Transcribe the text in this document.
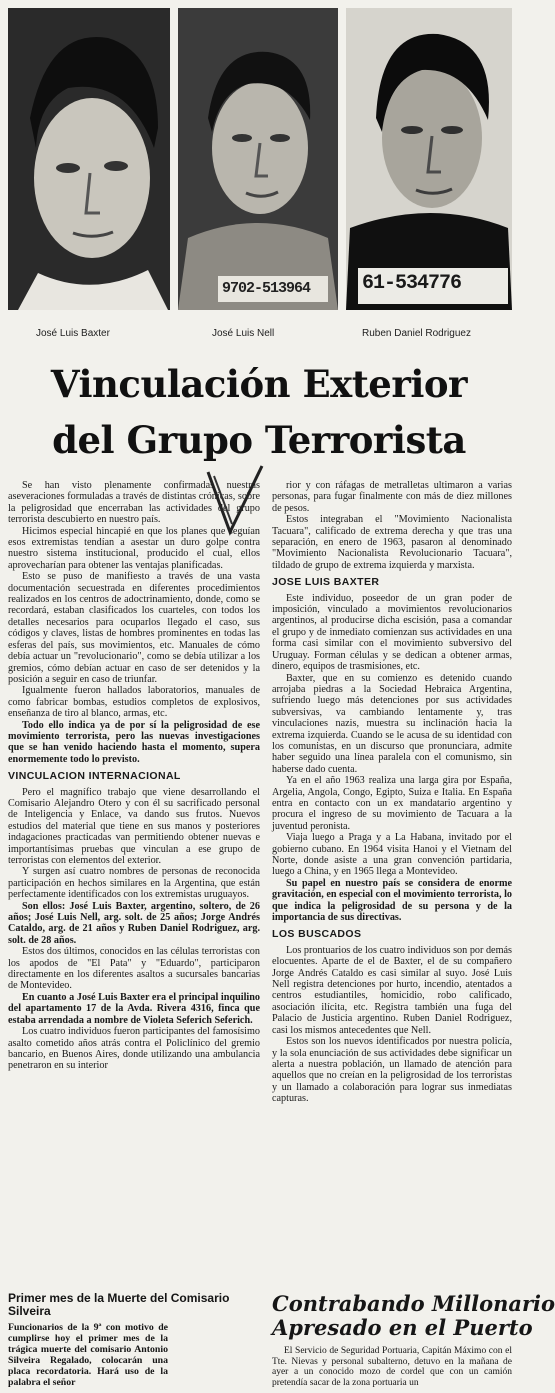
9702-513964	61-534776
José Luis Baxter	José Luis Nell	Ruben Daniel Rodriguez
Vinculación Exterior
del Grupo Terrorista

Se han visto plenamente confirmadas nuestras aseveraciones formuladas a través de distintas crónicas, sobre la peligrosidad que encerraban las actividades del grupo terrorista descubierto en nuestro país.

Hicimos especial hincapié en que los planes que seguían esos extremistas tendían a asestar un duro golpe contra nuestro sistema institucional, producido el cual, ellos aprovecharían para obtener las ventajas planificadas.

Esto se puso de manifiesto a través de una vasta documentación secuestrada en diferentes procedimientos realizados en los centros de adoctrinamiento, donde, como se recordará, estaban clasificados los cuarteles, con todos los detalles necesarios para ocuparlos llegado el caso, sus códigos y claves, listas de hombres prominentes en todas las esferas del país, sus movimientos, etc. Manuales de cómo debía actuar un "revolucionario", como se debía utilizar a los gremios, cómo debían actuar en caso de ser detenidos y la posición a seguir en caso de triunfar.

Igualmente fueron hallados laboratorios, manuales de como fabricar bombas, estudios completos de explosivos, enseñanza de tiro al blanco, armas, etc.

Todo ello indica ya de por sí la peligrosidad de ese movimiento terrorista, pero las nuevas investigaciones que se han venido haciendo hasta el momento, supera enormemente todo lo previsto.

VINCULACION INTERNACIONAL

Pero el magnífico trabajo que viene desarrollando el Comisario Alejandro Otero y con él su sacrificado personal de Inteligencia y Enlace, va dando sus frutos. Nuevos estudios del material que tiene en sus manos y posteriores indagaciones practicadas van permitiendo obtener nuevas e importantísimas pruebas que vinculan a ese grupo de terroristas con elementos del exterior.

Y surgen así cuatro nombres de personas de reconocida participación en hechos similares en la Argentina, que están perfectamente identificados con los extremistas uruguayos.

Son ellos: José Luis Baxter, argentino, soltero, de 26 años; José Luis Nell, arg. solt. de 25 años; Jorge Andrés Cataldo, arg. de 21 años y Ruben Daniel Rodriguez, arg. solt. de 28 años.

Estos dos últimos, conocidos en las células terroristas con los apodos de "El Pata" y "Eduardo", participaron directamente en los diferentes asaltos a sucursales bancarias de Montevideo.

En cuanto a José Luis Baxter era el principal inquilino del apartamento 17 de la Avda. Rivera 4316, finca que estaba arrendada a nombre de Violeta Seferich Seferich.

Los cuatro individuos fueron participantes del famosísimo asalto cometido años atrás contra el Policlínico del gremio bancario, en Buenos Aires, donde utilizando una ambulancia penetraron en su interior

Primer mes de la Muerte del Comisario Silveira
Funcionarios de la 9ª con motivo de cumplirse hoy el primer mes de la trágica muerte del comisario Antonio Silveira Regalado, colocarán una placa recordatoria. Hará uso de la palabra el señor

rior y con ráfagas de metralletas ultimaron a varias personas, para fugar finalmente con más de diez millones de pesos.

Estos integraban el "Movimiento Nacionalista Tacuara", calificado de extrema derecha y que tras una separación, en enero de 1963, pasaron al denominado "Movimiento Nacionalista Revolucionario Tacuara", tildado de grupo de extrema izquierda y marxista.

JOSE LUIS BAXTER

Este individuo, poseedor de un gran poder de imposición, vinculado a movimientos revolucionarios argentinos, al producirse dicha escisión, pasa a comandar el grupo y de inmediato comienzan sus actividades en una forma casi similar con el movimiento subversivo del Uruguay. Forman células y se dedican a obtener armas, dinero, equipos de trasmisiones, etc.

Baxter, que en su comienzo es detenido cuando arrojaba piedras a la Sociedad Hebraica Argentina, sufriendo luego más detenciones por sus actividades subversivas, va cambiando lentamente y, tras vinculaciones nazis, muestra su inclinación hacia la extrema izquierda. Cuando se le acusa de su identidad con los comunistas, en un discurso que pronunciara, admite haber seguido una línea paralela con el comunismo, sin haberse dado cuenta.

Ya en el año 1963 realiza una larga gira por España, Argelia, Angola, Congo, Egipto, Suiza e Italia. En España entra en contacto con un ex mandatario argentino y procura el ingreso de su movimiento de Tacuara a la juventud peronista.

Viaja luego a Praga y a La Habana, invitado por el gobierno cubano. En 1964 visita Hanoi y el Vietnam del Norte, donde asiste a una gran convención partidaria, luego a China, y en 1965 llega a Montevideo.

Su papel en nuestro país se considera de enorme gravitación, en especial con el movimiento terrorista, lo que indica la peligrosidad de su persona y de la importancia de sus directivas.

LOS BUSCADOS

Los prontuarios de los cuatro individuos son por demás elocuentes. Aparte de el de Baxter, el de su compañero Jorge Andrés Cataldo es casi similar al suyo. José Luis Nell registra detenciones por hurto, incendio, atentados a centros estudiantiles, homicidio, robo calificado, asociación ilícita, etc. Registra también una fuga del Palacio de Justicia argentino. Ruben Daniel Rodriguez, casi los mismos antecedentes que Nell.

Estos son los nuevos identificados por nuestra policía, y la sola enunciación de sus actividades debe significar un alerta a nuestra población, un llamado de atención para aquellos que no creían en la peligrosidad de los terroristas y un llamado a colaboración para lograr sus inmediatas capturas.

Contrabando Millonario
Apresado en el Puerto

El Servicio de Seguridad Portuaria, Capitán Máximo con el Tte. Nievas y personal subalterno, detuvo en la mañana de ayer a un conocido mozo de cordel que con un camión pretendía sacar de la zona portuaria un
